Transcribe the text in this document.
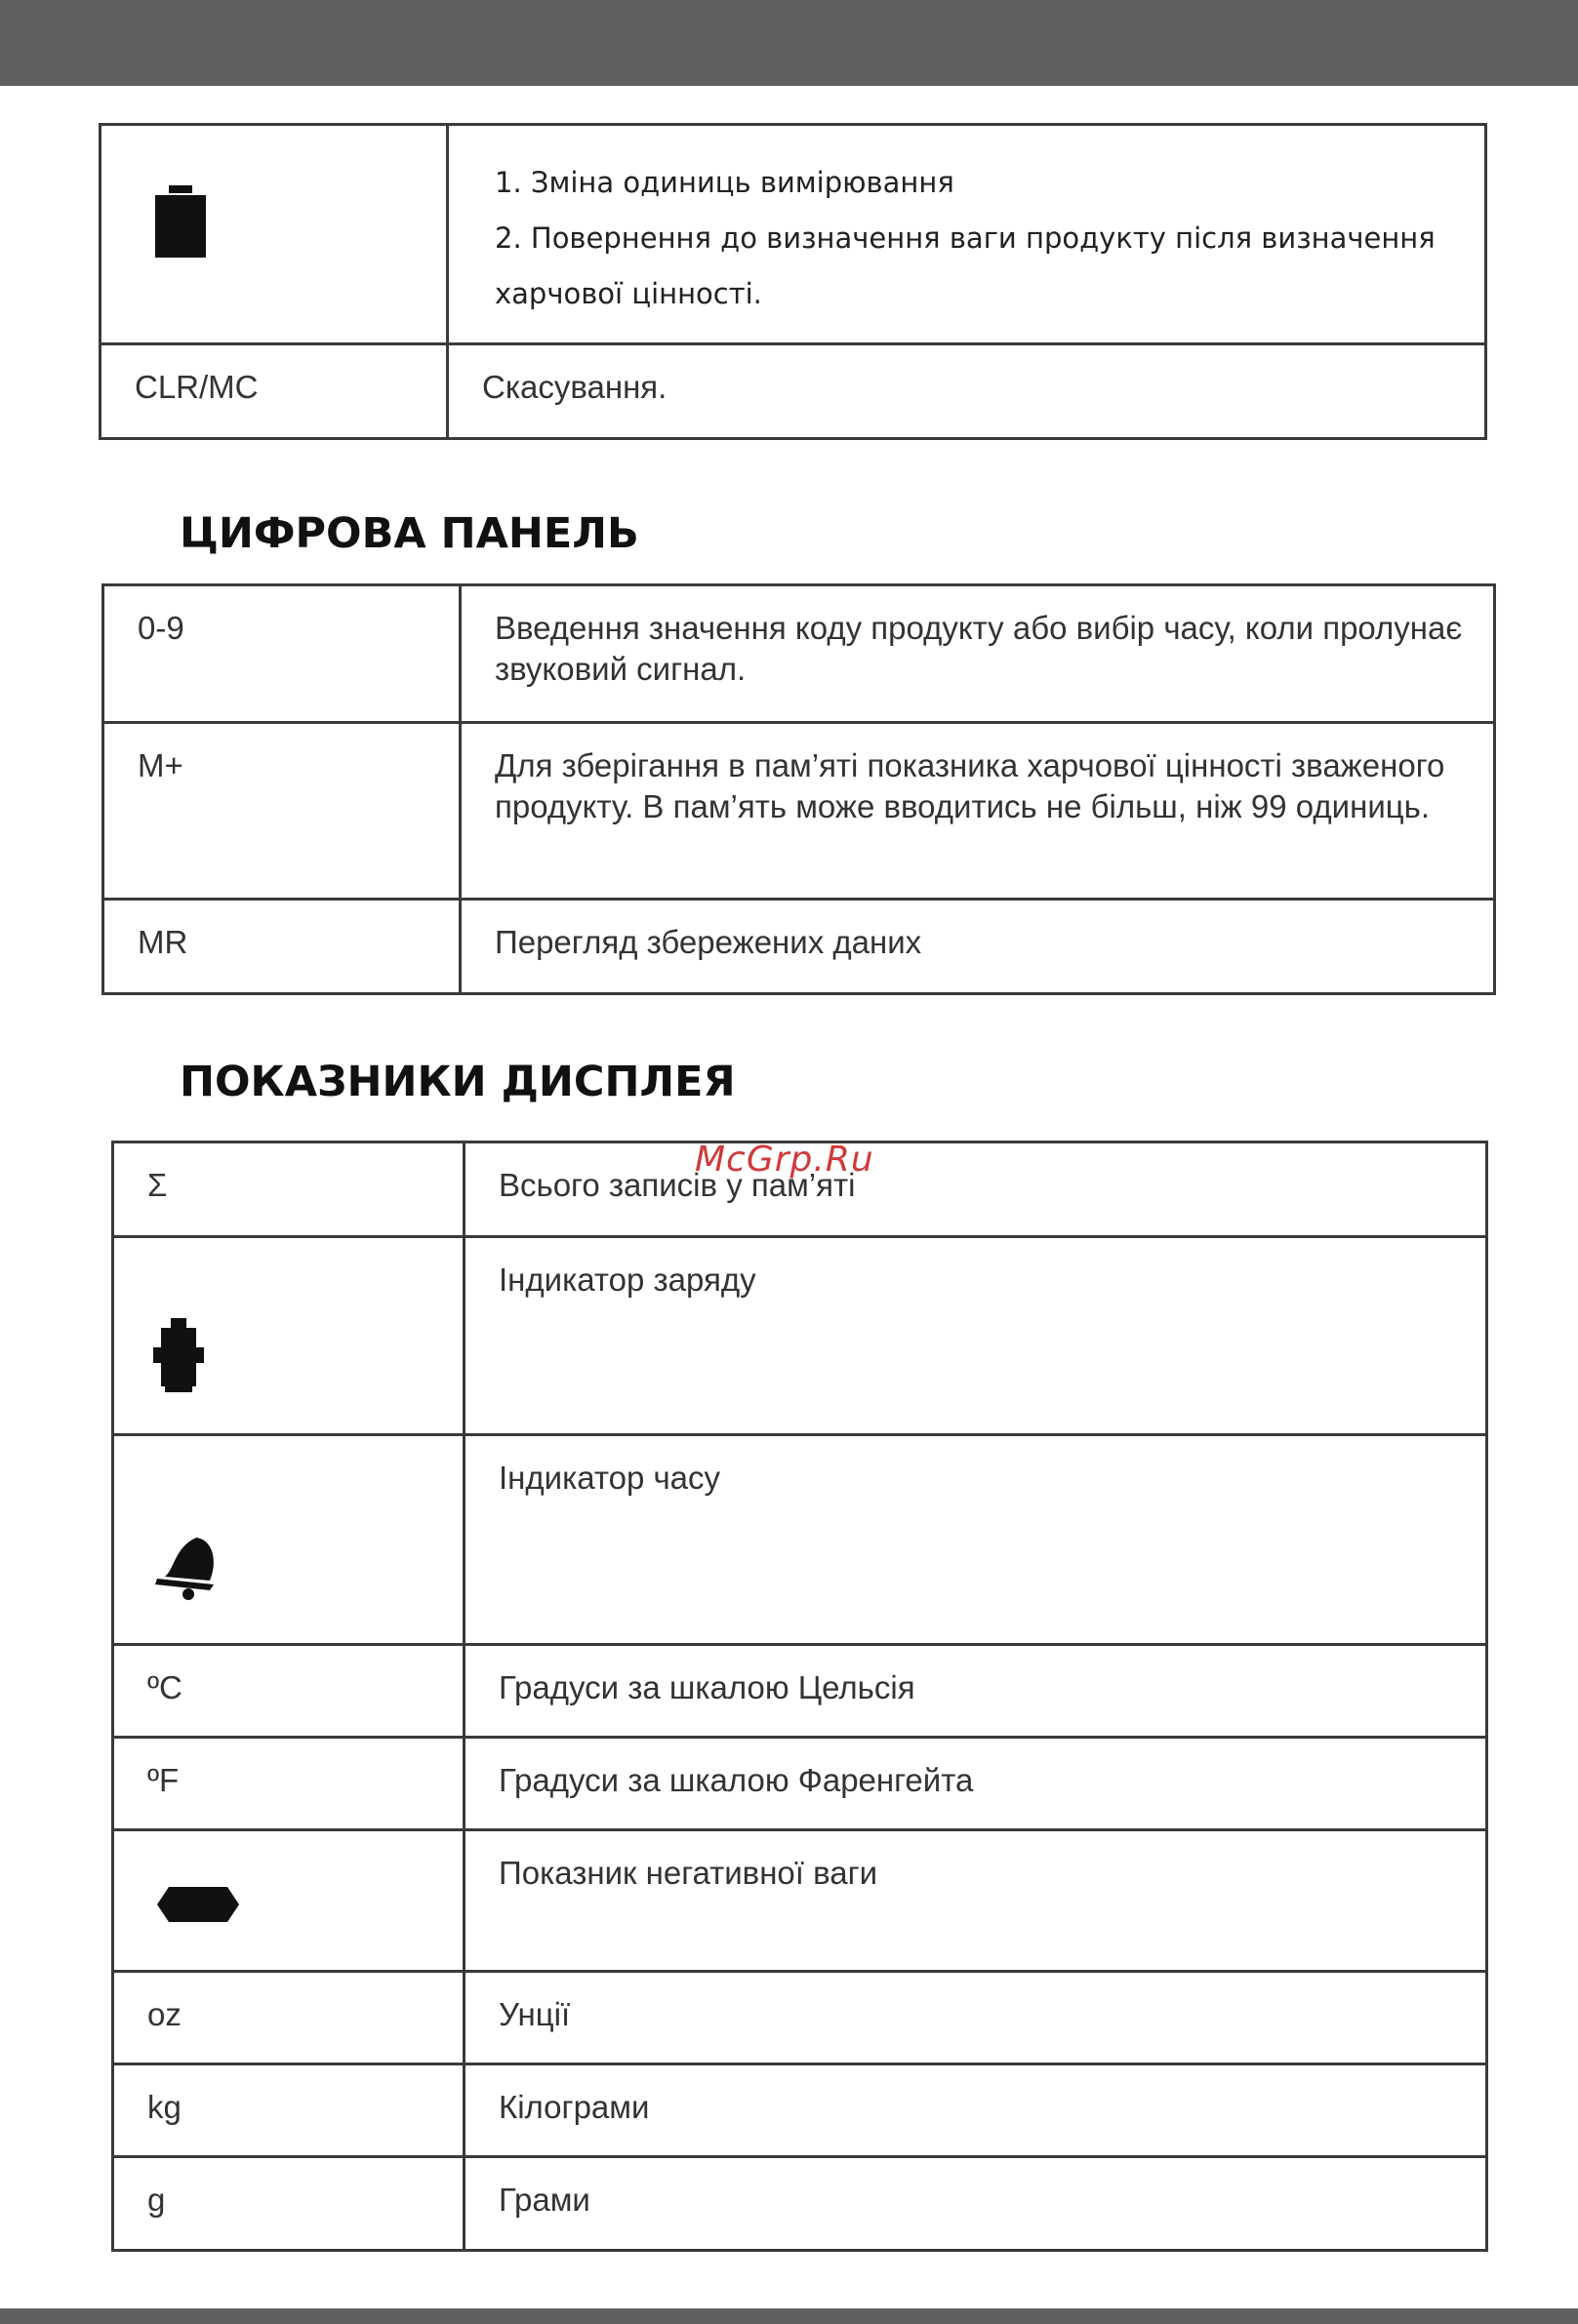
1. Зміна одиниць вимірювання
2. Повернення до визначення ваги продукту після визначення
харчової цінності.

CLR/MC	Скасування.
ЦИФРОВА ПАНЕЛЬ
0-9	Введення значення коду продукту або вибір часу, коли пролунає звуковий сигнал.
M+	Для зберігання в пам’яті показника харчової цінності зваженого продукту. В пам’ять може вводитись не більш, ніж 99 одиниць.
MR	Перегляд збережених даних
ПОКАЗНИКИ ДИСПЛЕЯ
Σ	Всього записів у пам’яті

	Індикатор заряду

	Індикатор часу
ºC	Градуси за шкалою Цельсія
ºF	Градуси за шкалою Фаренгейта

	Показник негативної ваги
oz	Унції
kg	Кілограми
g	Грами
McGrp.Ru
